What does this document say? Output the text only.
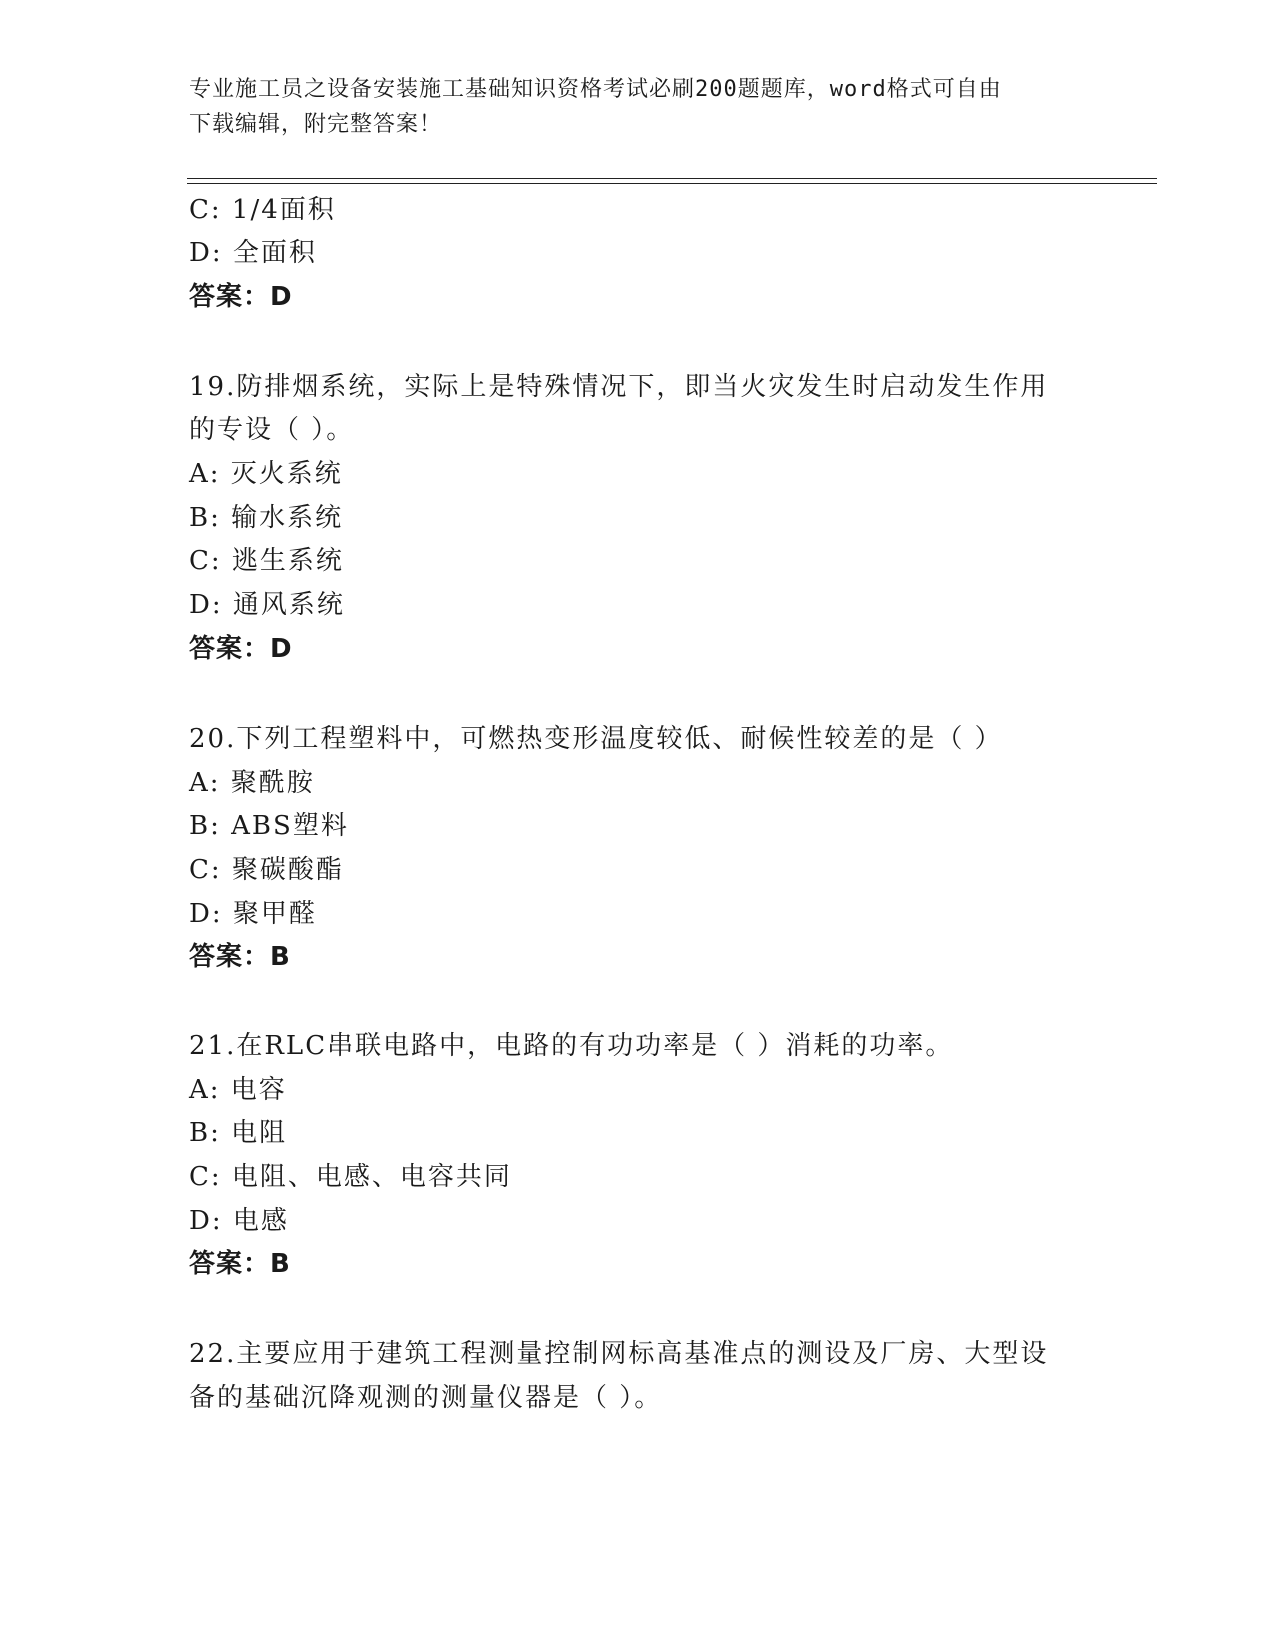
专业施工员之设备安装施工基础知识资格考试必刷200题题库，word格式可自由
下载编辑，附完整答案！
C: 1/4面积
D: 全面积
答案：D
19.防排烟系统，实际上是特殊情况下，即当火灾发生时启动发生作用
的专设（ ）。
A: 灭火系统
B: 输水系统
C: 逃生系统
D: 通风系统
答案：D
20.下列工程塑料中，可燃热变形温度较低、耐候性较差的是（ ）
A: 聚酰胺
B: ABS塑料
C: 聚碳酸酯
D: 聚甲醛
答案：B
21.在RLC串联电路中，电路的有功功率是（ ）消耗的功率。
A: 电容
B: 电阻
C: 电阻、电感、电容共同
D: 电感
答案：B
22.主要应用于建筑工程测量控制网标高基准点的测设及厂房、大型设
备的基础沉降观测的测量仪器是（ ）。
